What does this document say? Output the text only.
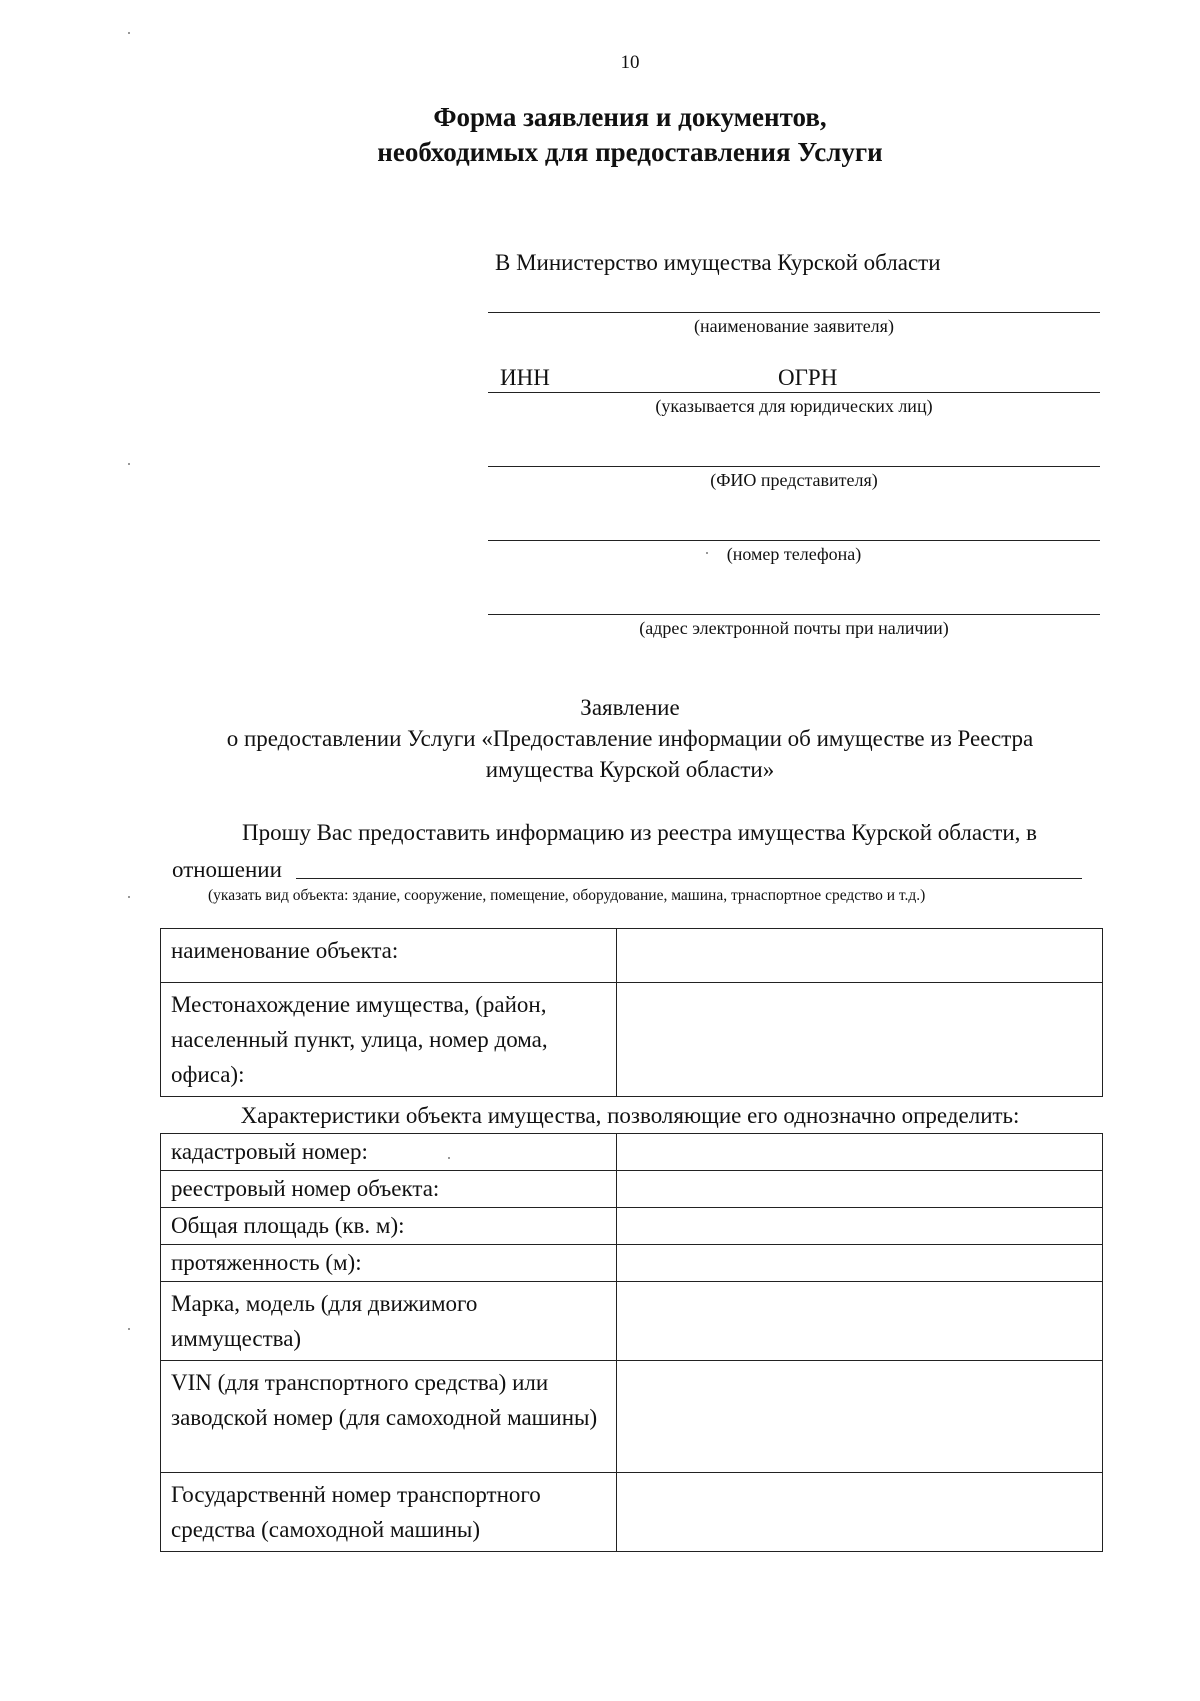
10
Форма заявления и документов,
необходимых для предоставления Услуги
В Министерство имущества Курской области
(наименование заявителя)
ИНН	ОГРН
(указывается для юридических лиц)
(ФИО представителя)
(номер телефона)
(адрес электронной почты при наличии)
Заявление
о предоставлении Услуги «Предоставление информации об имуществе из Реестра
имущества Курской области»
Прошу Вас предоставить информацию из реестра имущества Курской области, в
отношении
(указать вид объекта: здание, сооружение, помещение, оборудование, машина, трнаспортное средство и т.д.)
наименование объекта:	
Местонахождение имущества, (район, населенный пункт, улица, номер дома, офиса):	
Характеристики объекта имущества, позволяющие его однозначно определить:
кадастровый номер:	
реестровый номер объекта:	
Общая площадь (кв. м):	
протяженность (м):	
Марка, модель (для движимого иммущества)	
VIN (для транспортного средства) или заводской номер (для самоходной машины)	
Государственнй номер транспортного средства (самоходной машины)	
